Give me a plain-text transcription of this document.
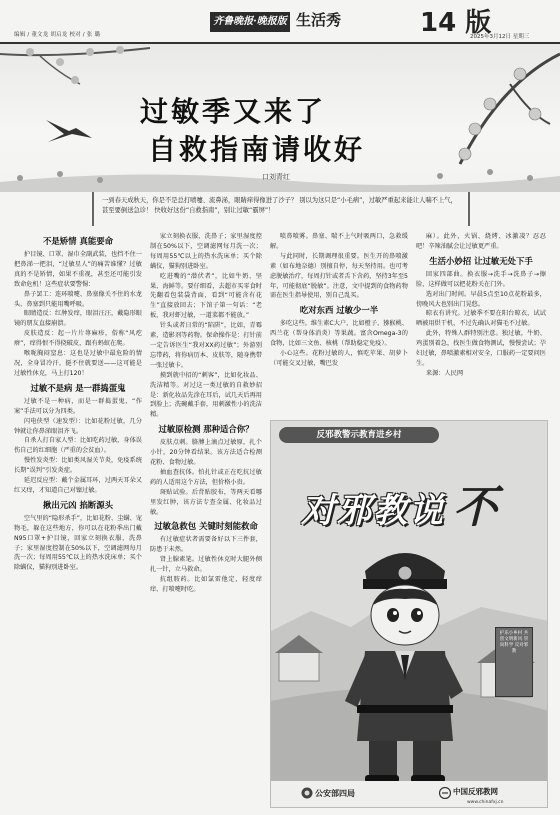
编辑 / 董文龙 胡启龙 校对 / 张 璐
齐鲁晚报·晚报版 生活秀	14 版
2025年3月12日 星期三
过敏季又来了
自救指南请收好
口刘青红
一到春天成秋天，你是不是总打喷嚏、流鼻涕，眼睛痒得像进了沙子？ 别以为这只是“小毛病”，过敏严重起来能让人喘不上气，甚至要倒送急诊！ 快收好这份“自救指南”，别让过敏“霸屏”！
不是矫情 真能要命

护目镜、口罩、湿巾全副武装，也挡不住一把鼻涕一把泪，“过敏星人”的痛苦谁懂？过敏真的不是矫情，如果不重视，甚至还可能引发致命危机！这些症状要警惕：

鼻子罢工：连环喷嚏、鼻塞像关不住的水龙头、鼻塞到只能用嘴呼吸。

眼睛造反：红肿发痒，眼泪汪汪，戴隐形眼镜的朋友直接崩溃。

皮肤造反：起一片片荨麻疹，俗称“风疙瘩”，痒得恨不得挠破皮，跟有蚂蚁在爬。

喉咙胸闷窒息：这也是过敏中最危险的情况，全身冒冷汗，挺不住就要送——这可能是过敏性休克，马上打120！

过敏不是病 是一群捣蛋鬼

过敏不是一种病，而是一群捣蛋鬼，“作案”手法可以分为四类。

闪电侠型（速发型）：比如花粉过敏，几分钟就让你鼻涕眼泪齐飞。

自杀人打自家人型：比如吃药过敏，身体误伤自己的红细胞（严重的会贫血）。

慢性发炎型：比如类风湿关节炎，免疫系统长期“误判”引发炎症。

延迟反应型：戴个金属耳环，过两天耳朵又红又痒，才知道自己对镍过敏。

揪出元凶 掐断源头

空气里的“隐形杀手”，比如花粉、尘螨、宠物毛，躲在这些地方，你可以在花粉季出门戴N95口罩+护目镜，回家立刻换衣服、洗鼻子；家里湿度控制在50%以下，空调滤网每月洗一次；每周用55℃以上的热水洗床单；买个除螨仪，猫狗别进卧室。

家立刻换衣服、洗鼻子；家里湿度控制在50%以下，空调滤网每月洗一次；每周用55℃以上的热水洗床单；买个除螨仪，猫狗别进卧室。

吃进嘴的“潜伏者”，比如牛奶、坚果、海鲜等。要仔细看，去超市买零食时先翻看包装袋背面，看到“可能含有花生”直接放回去；下馆子第一句话：“老板，我对虾过敏，一道菜都不能放。”

针头或者日常的“陷阱”，比如，青霉素、造影剂等药物。保命操作是：打针前一定告诉医生“我对XX药过敏”；外游别忘带药，将你病历本、皮肤等，随身携带一张过敏卡。

摸到就中招的“刺客”，比如化妆品、洗洁精等。对过这一类过敏的自救妙招是：新化妆品先涂在耳后，试几天后再用到脸上；洗碗戴手套，用刺激性小的洗洁精。

过敏原检测 那种适合你？

皮肤点刺。胳膊上滴点过敏原，扎个小针，20分钟看结果。该方法适合检测花粉、食物过敏。

抽血查抗体。怕扎针或正在吃抗过敏药的人适用这个方法，但价格小贵。

斑贴试验。后背贴胶布，等两天看哪里发红肿，该方法专查金属、化妆品过敏。

过敏急救包 关键时刻能救命

有过敏症状者需要备好以下三件套，防患于未然。

肾上腺素笔。过敏性休克时大腿外侧扎一针，立马救命。

抗组胺药。比如氯雷他定，轻度痒痒、打喷嚏时吃。

喷鼻喷雾。鼻塞、喘不上气时吸两口，急救缓解。

与此同时，长期调理很重要。医生开的鼻喷激素（如布地奈德）别擅自停，每天坚持用。也可考虑脱敏治疗，每周打针或者舌下含药，坚持3年至5年，可能彻底“脱敏”。注意，文中提到的食物药物需在医生指导使用，别自己乱买。

吃对东西 过敏少一半

多吃这些。维生素C大户，比如橙子、猕猴桃、西兰花（帮身体消炎）等果蔬。富含Omega-3的食物，比如三文鱼、核桃（帮助稳定免疫）。

小心这些。花粉过敏的人，慎吃苹果、胡萝卜（可能交叉过敏，嘴巴发

麻）。此外，火锅、烧烤、冰激凌？忍忍吧！辛辣油腻会让过敏更严重。

生活小妙招 让过敏无处下手

回家四部曲。换衣服→洗手→洗鼻子→擦脸，这样做可以把花粉关在门外。

选对出门时间。早晨5点至10点花粉最多，傍晚风大也别出门晃悠。

晾衣有讲究。过敏季不要在阳台晾衣，试试晒被用烘干机，不过先确认对猫毛不过敏。

此外，特殊人群特别注意。独过敏，牛奶、鸡蛋别着急，找医生做食物测试，慢慢尝试；孕妇过敏，鼻喷激素相对安全，口服药一定要问医生。

来源：人民网

反邪教警示教育进乡村
对邪教说 不
护乐小乡村 共创文明新风 崇尚科学 反对邪教
公安部四局	中国反邪教网
www.chinafxj.cn
